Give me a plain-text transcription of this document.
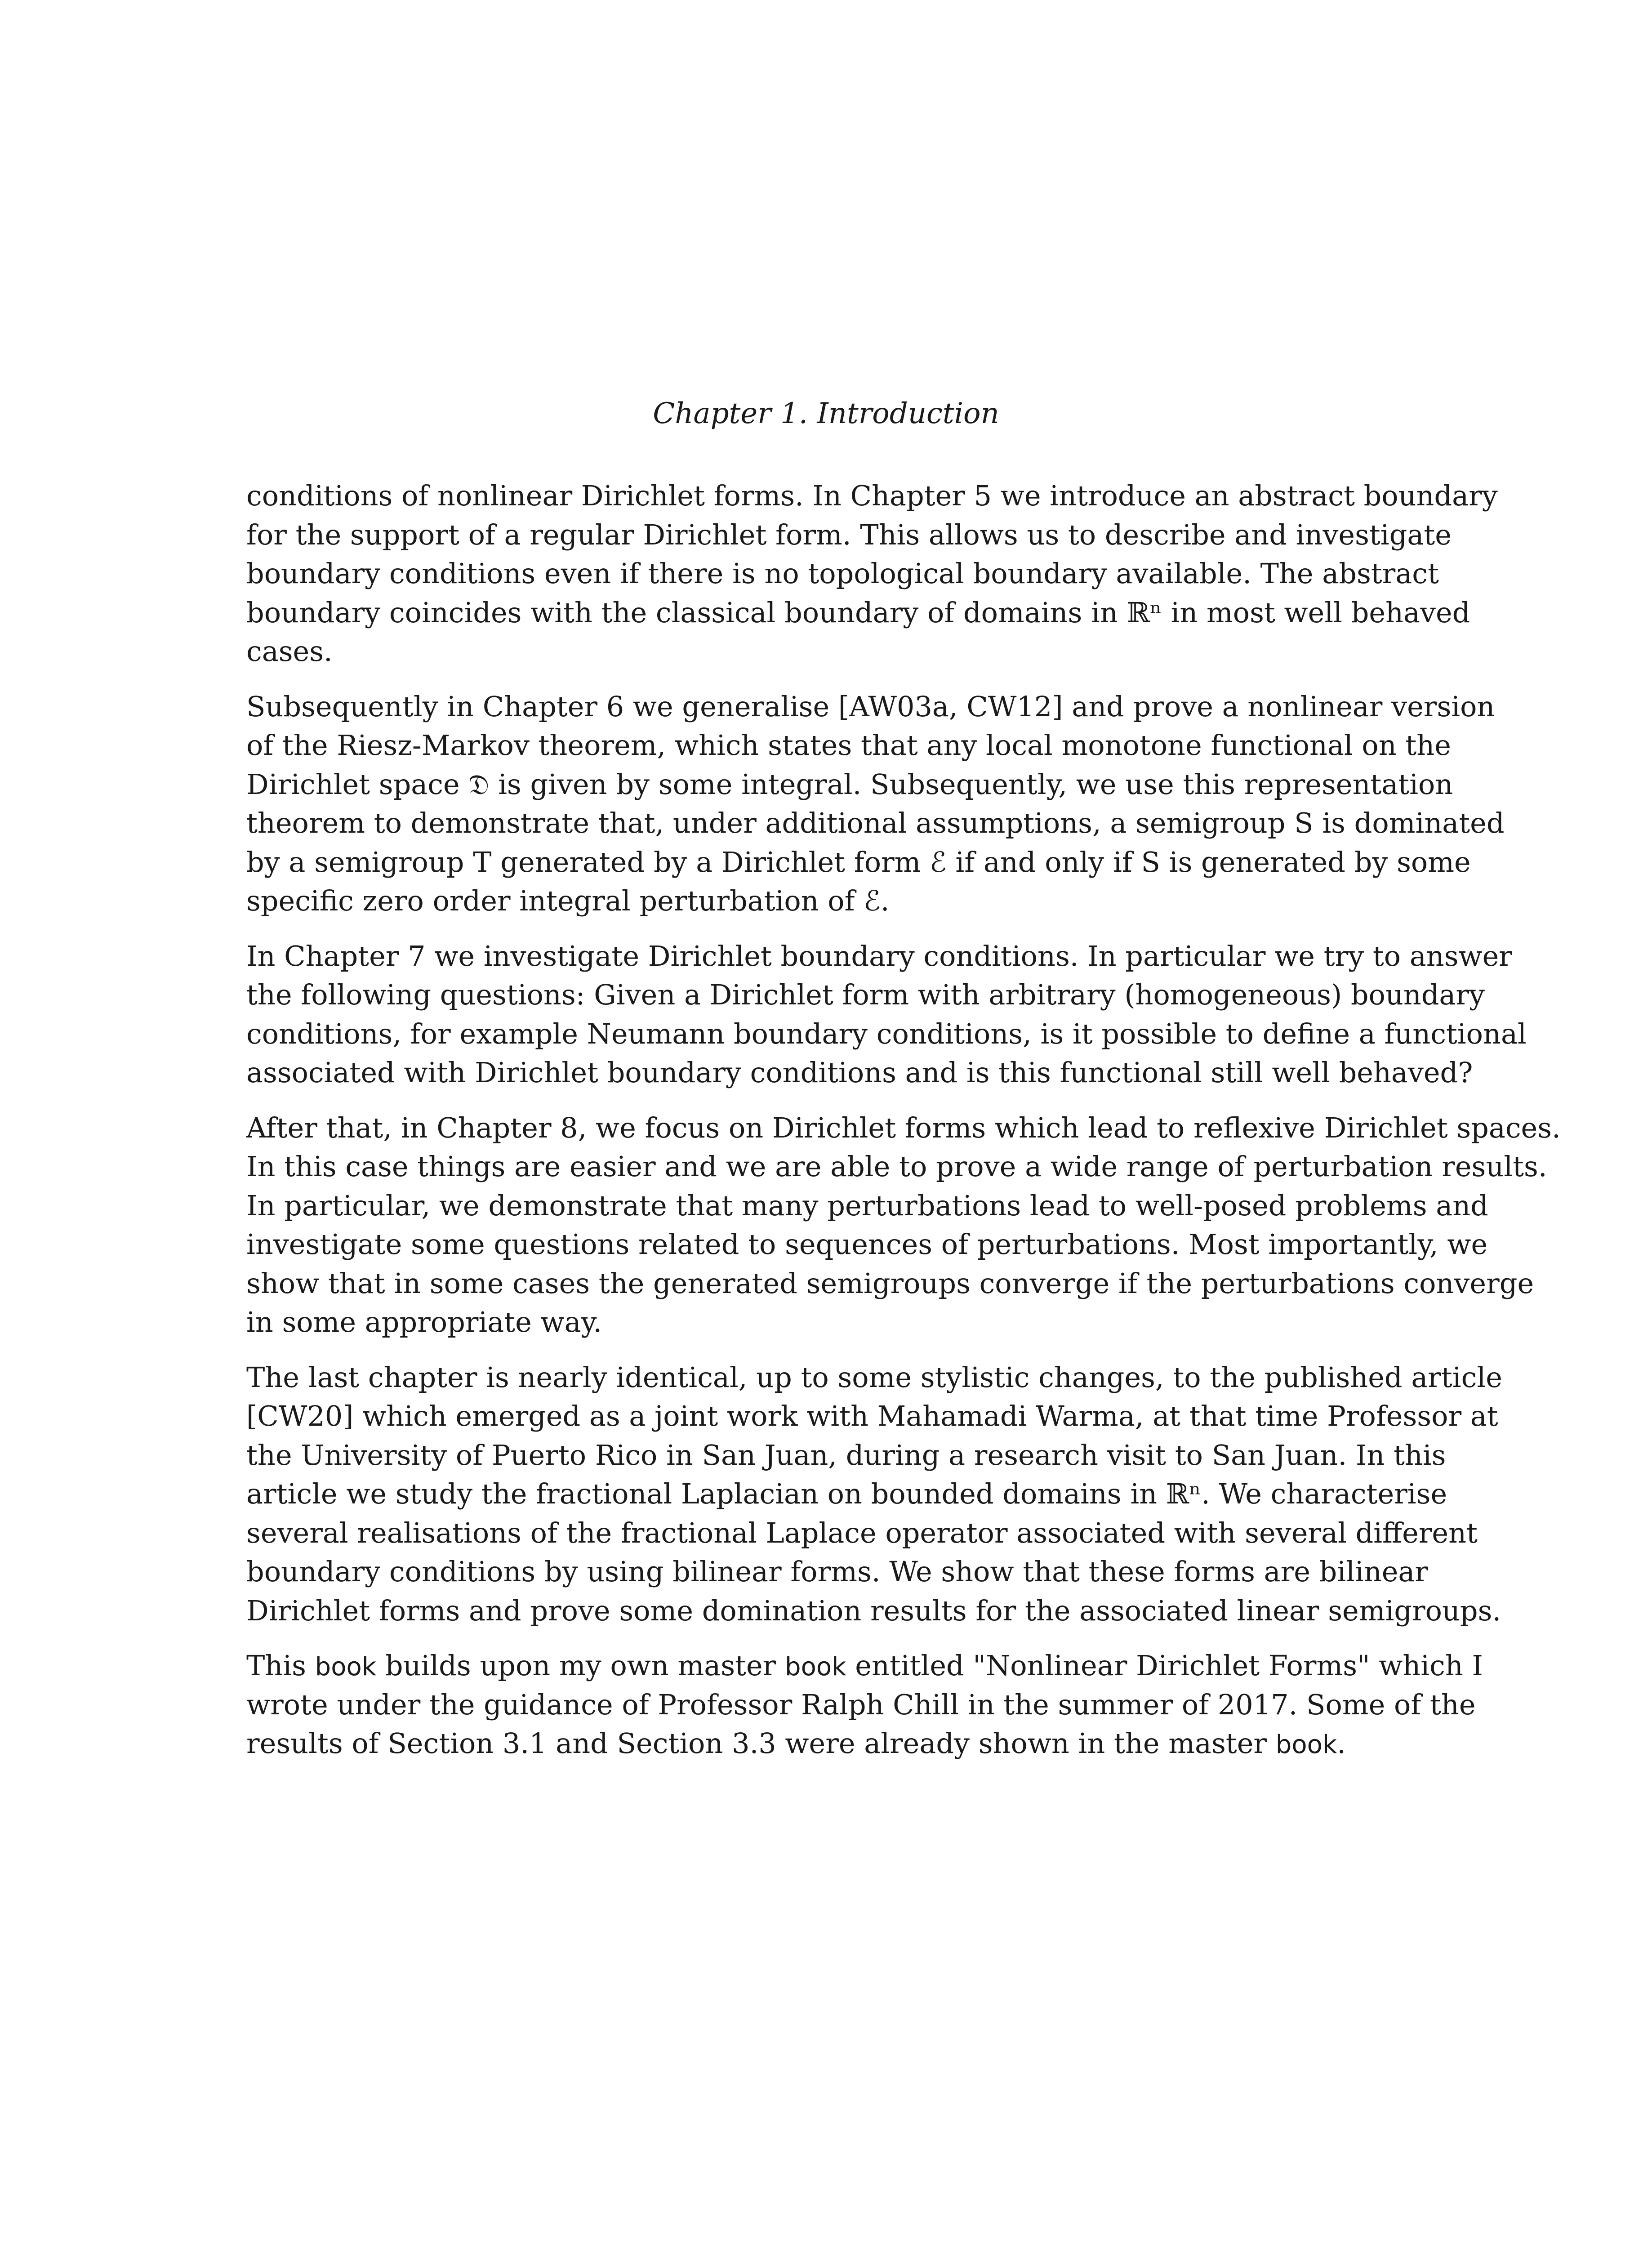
Chapter 1. Introduction

conditions of nonlinear Dirichlet forms. In Chapter 5 we introduce an abstract boundary
for the support of a regular Dirichlet form. This allows us to describe and investigate
boundary conditions even if there is no topological boundary available. The abstract
boundary coincides with the classical boundary of domains in ℝⁿ in most well behaved
cases.

Subsequently in Chapter 6 we generalise [AW03a, CW12] and prove a nonlinear version
of the Riesz-Markov theorem, which states that any local monotone functional on the
Dirichlet space 𝔇 is given by some integral. Subsequently, we use this representation
theorem to demonstrate that, under additional assumptions, a semigroup S is dominated
by a semigroup T generated by a Dirichlet form ℰ if and only if S is generated by some
specific zero order integral perturbation of ℰ.

In Chapter 7 we investigate Dirichlet boundary conditions. In particular we try to answer
the following questions: Given a Dirichlet form with arbitrary (homogeneous) boundary
conditions, for example Neumann boundary conditions, is it possible to define a functional
associated with Dirichlet boundary conditions and is this functional still well behaved?

After that, in Chapter 8, we focus on Dirichlet forms which lead to reflexive Dirichlet spaces.
In this case things are easier and we are able to prove a wide range of perturbation results.
In particular, we demonstrate that many perturbations lead to well-posed problems and
investigate some questions related to sequences of perturbations. Most importantly, we
show that in some cases the generated semigroups converge if the perturbations converge
in some appropriate way.

The last chapter is nearly identical, up to some stylistic changes, to the published article
[CW20] which emerged as a joint work with Mahamadi Warma, at that time Professor at
the University of Puerto Rico in San Juan, during a research visit to San Juan. In this
article we study the fractional Laplacian on bounded domains in ℝⁿ. We characterise
several realisations of the fractional Laplace operator associated with several different
boundary conditions by using bilinear forms. We show that these forms are bilinear
Dirichlet forms and prove some domination results for the associated linear semigroups.

This book builds upon my own master book entitled "Nonlinear Dirichlet Forms" which I
wrote under the guidance of Professor Ralph Chill in the summer of 2017. Some of the
results of Section 3.1 and Section 3.3 were already shown in the master book.
